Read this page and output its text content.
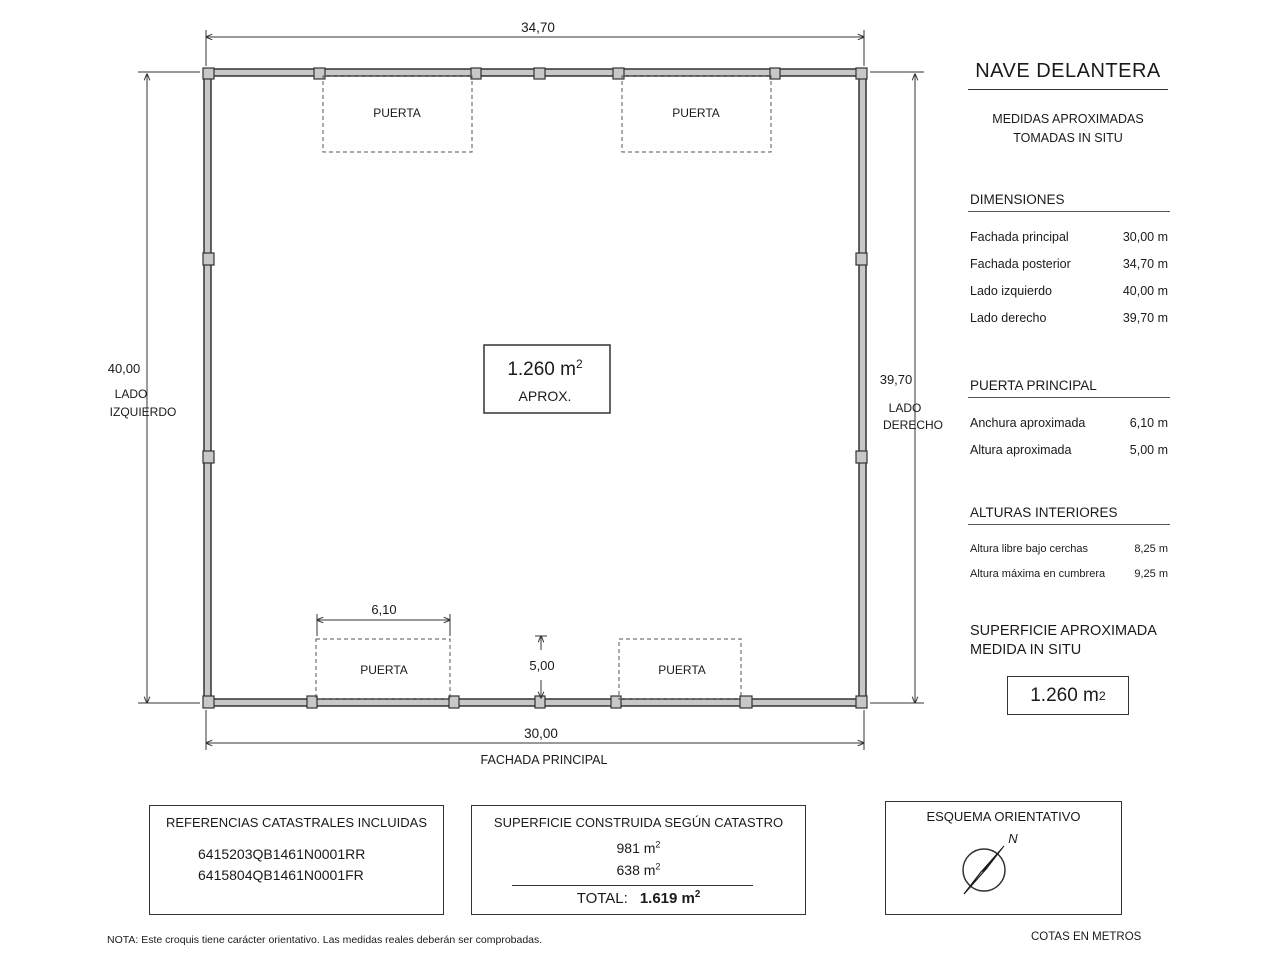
PUERTA	PUERTA
PUERTA	PUERTA
34,70
30,00
FACHADA PRINCIPAL
40,00
LADO
IZQUIERDO
39,70
LADO
DERECHO
6,10
5,00
1.260 $m^2$
APROX.
NAVE DELANTERA
MEDIDAS APROXIMADAS
TOMADAS IN SITU
DIMENSIONES
Fachada principal	30,00 m
Fachada posterior	34,70 m
Lado izquierdo	40,00 m
Lado derecho	39,70 m
PUERTA PRINCIPAL
Anchura aproximada	6,10 m
Altura aproximada	5,00 m
ALTURAS INTERIORES
Altura libre bajo cerchas	8,25 m
Altura máxima en cumbrera	9,25 m
SUPERFICIE APROXIMADA
MEDIDA IN SITU
1.260 m 2
REFERENCIAS CATASTRALES INCLUIDAS
6415203QB1461N0001RR
6415804QB1461N0001FR
SUPERFICIE CONSTRUIDA SEGÚN CATASTRO
981 $m^2$
638 $m^2$
TOTAL: 1.619 $m^2$
ESQUEMA ORIENTATIVO
N
NOTA: Este croquis tiene carácter orientativo. Las medidas reales deberán ser comprobadas.	COTAS EN METROS
